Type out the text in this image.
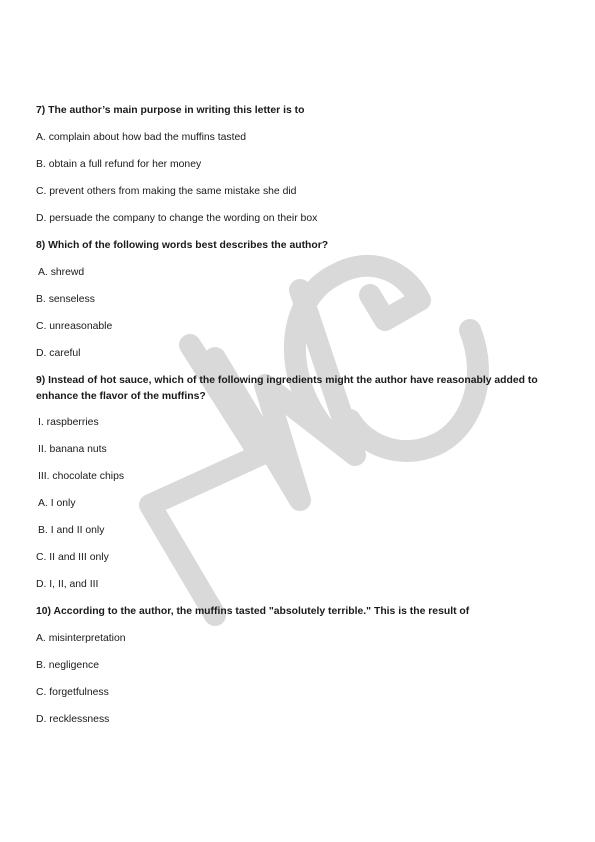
7) The author’s main purpose in writing this letter is to
A. complain about how bad the muffins tasted
B. obtain a full refund for her money
C. prevent others from making the same mistake she did
D. persuade the company to change the wording on their box
8) Which of the following words best describes the author?
A. shrewd
B. senseless
C. unreasonable
D. careful
9) Instead of hot sauce, which of the following ingredients might the author have reasonably added to enhance the flavor of the muffins?
I. raspberries
II. banana nuts
III. chocolate chips
A. I only
B. I and II only
C. II and III only
D. I, II, and III
10) According to the author, the muffins tasted "absolutely terrible." This is the result of
A. misinterpretation
B. negligence
C. forgetfulness
D. recklessness
